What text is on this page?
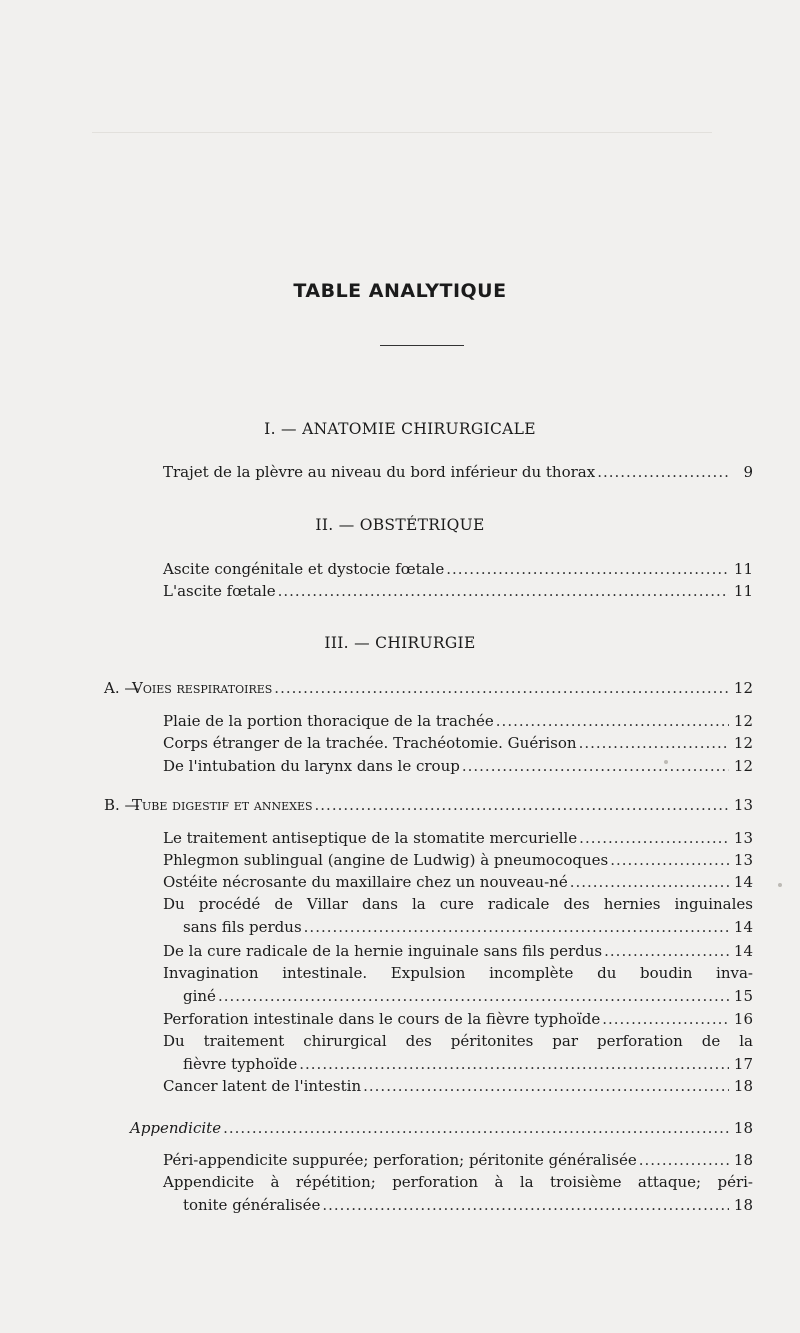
TABLE ANALYTIQUE
I. — ANATOMIE CHIRURGICALE
Trajet de la plèvre au niveau du bord inférieur du thorax .....	9
II. — OBSTÉTRIQUE
Ascite congénitale et dystocie fœtale .....	11
L'ascite fœtale .....	11
III. — CHIRURGIE
A. —
Voies respiratoires .....	12
Plaie de la portion thoracique de la trachée .....	12
Corps étranger de la trachée. Trachéotomie. Guérison .....	12
De l'intubation du larynx dans le croup .....	12
B. —
Tube digestif et annexes .....	13
Le traitement antiseptique de la stomatite mercurielle .....	13
Phlegmon sublingual (angine de Ludwig) à pneumocoques .....	13
Ostéite nécrosante du maxillaire chez un nouveau-né .....	14
Du procédé de Villar dans la cure radicale des hernies inguinales
sans fils perdus .....	14
De la cure radicale de la hernie inguinale sans fils perdus .....	14
Invagination intestinale. Expulsion incomplète du boudin inva-
giné .....	15
Perforation intestinale dans le cours de la fièvre typhoïde .....	16
Du traitement chirurgical des péritonites par perforation de la
fièvre typhoïde .....	17
Cancer latent de l'intestin .....	18
Appendicite .....	18
Péri-appendicite suppurée; perforation; péritonite généralisée .....	18
Appendicite à répétition; perforation à la troisième attaque; péri-
tonite généralisée .....	18
